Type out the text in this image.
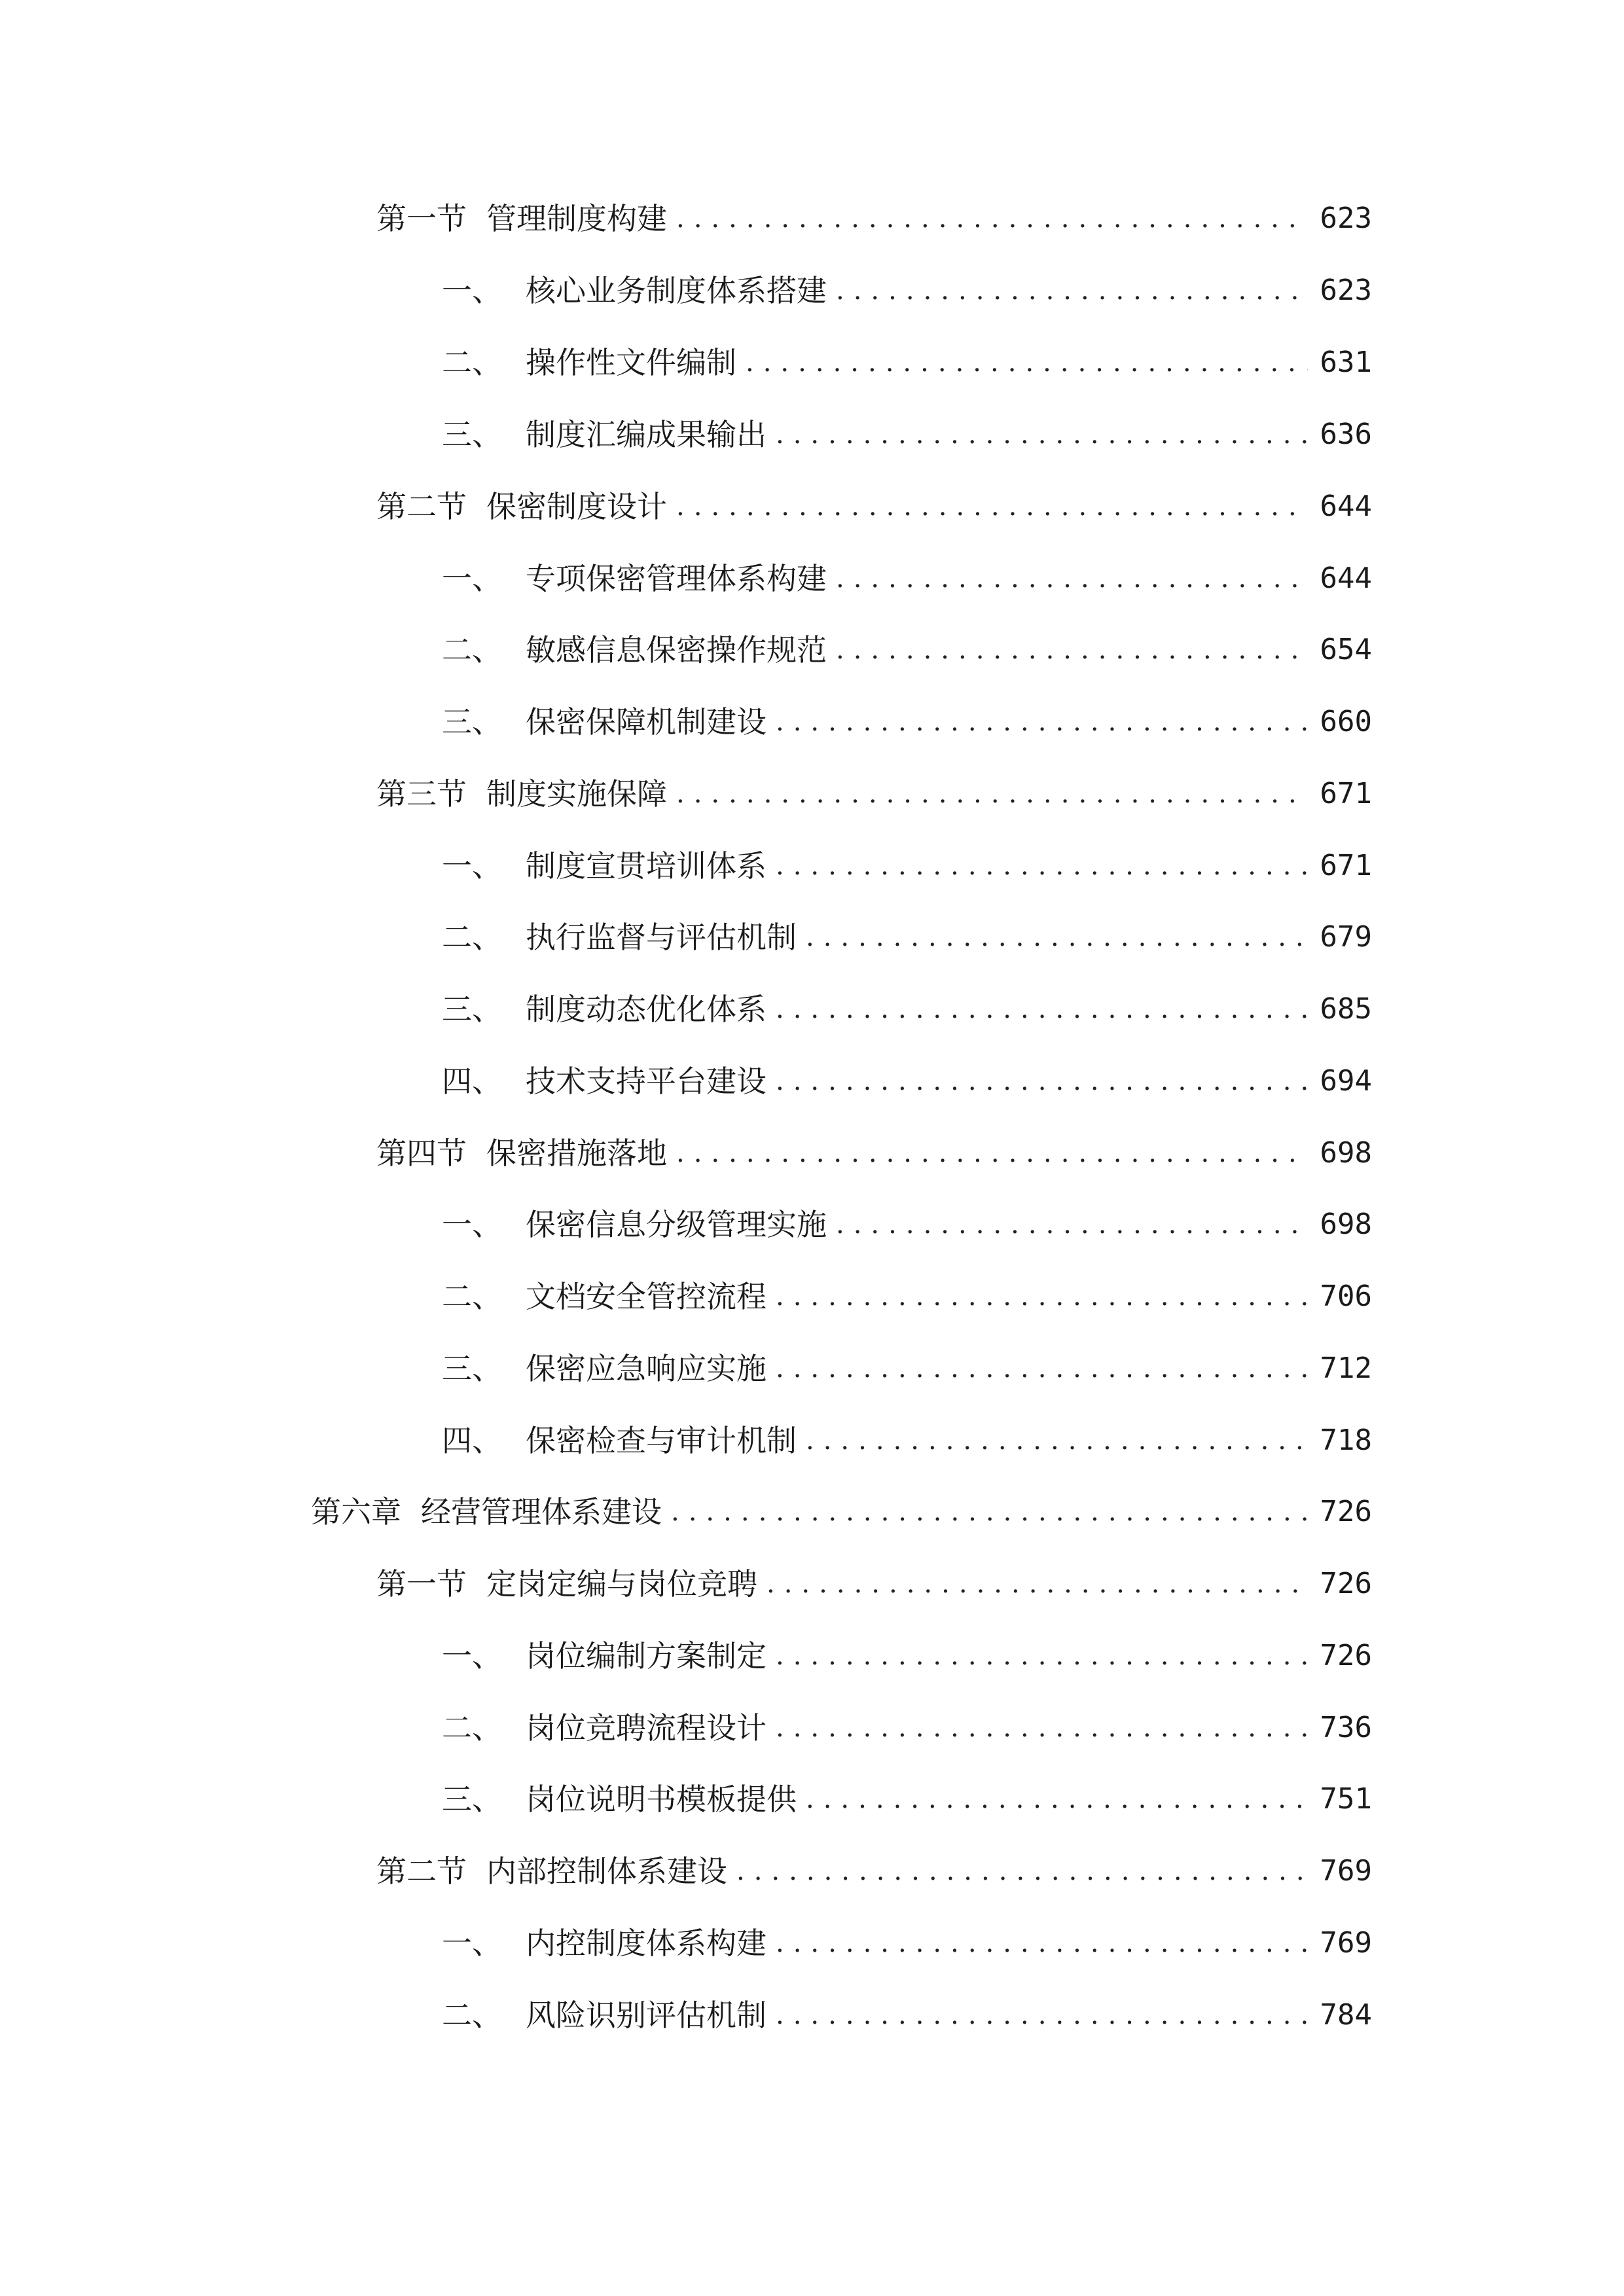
第一节 管理制度构建 .....	623
一、 核心业务制度体系搭建 .....	623
二、 操作性文件编制 .....	631
三、 制度汇编成果输出 .....	636
第二节 保密制度设计 .....	644
一、 专项保密管理体系构建 .....	644
二、 敏感信息保密操作规范 .....	654
三、 保密保障机制建设 .....	660
第三节 制度实施保障 .....	671
一、 制度宣贯培训体系 .....	671
二、 执行监督与评估机制 .....	679
三、 制度动态优化体系 .....	685
四、 技术支持平台建设 .....	694
第四节 保密措施落地 .....	698
一、 保密信息分级管理实施 .....	698
二、 文档安全管控流程 .....	706
三、 保密应急响应实施 .....	712
四、 保密检查与审计机制 .....	718
第六章 经营管理体系建设 .....	726
第一节 定岗定编与岗位竞聘 .....	726
一、 岗位编制方案制定 .....	726
二、 岗位竞聘流程设计 .....	736
三、 岗位说明书模板提供 .....	751
第二节 内部控制体系建设 .....	769
一、 内控制度体系构建 .....	769
二、 风险识别评估机制 .....	784
